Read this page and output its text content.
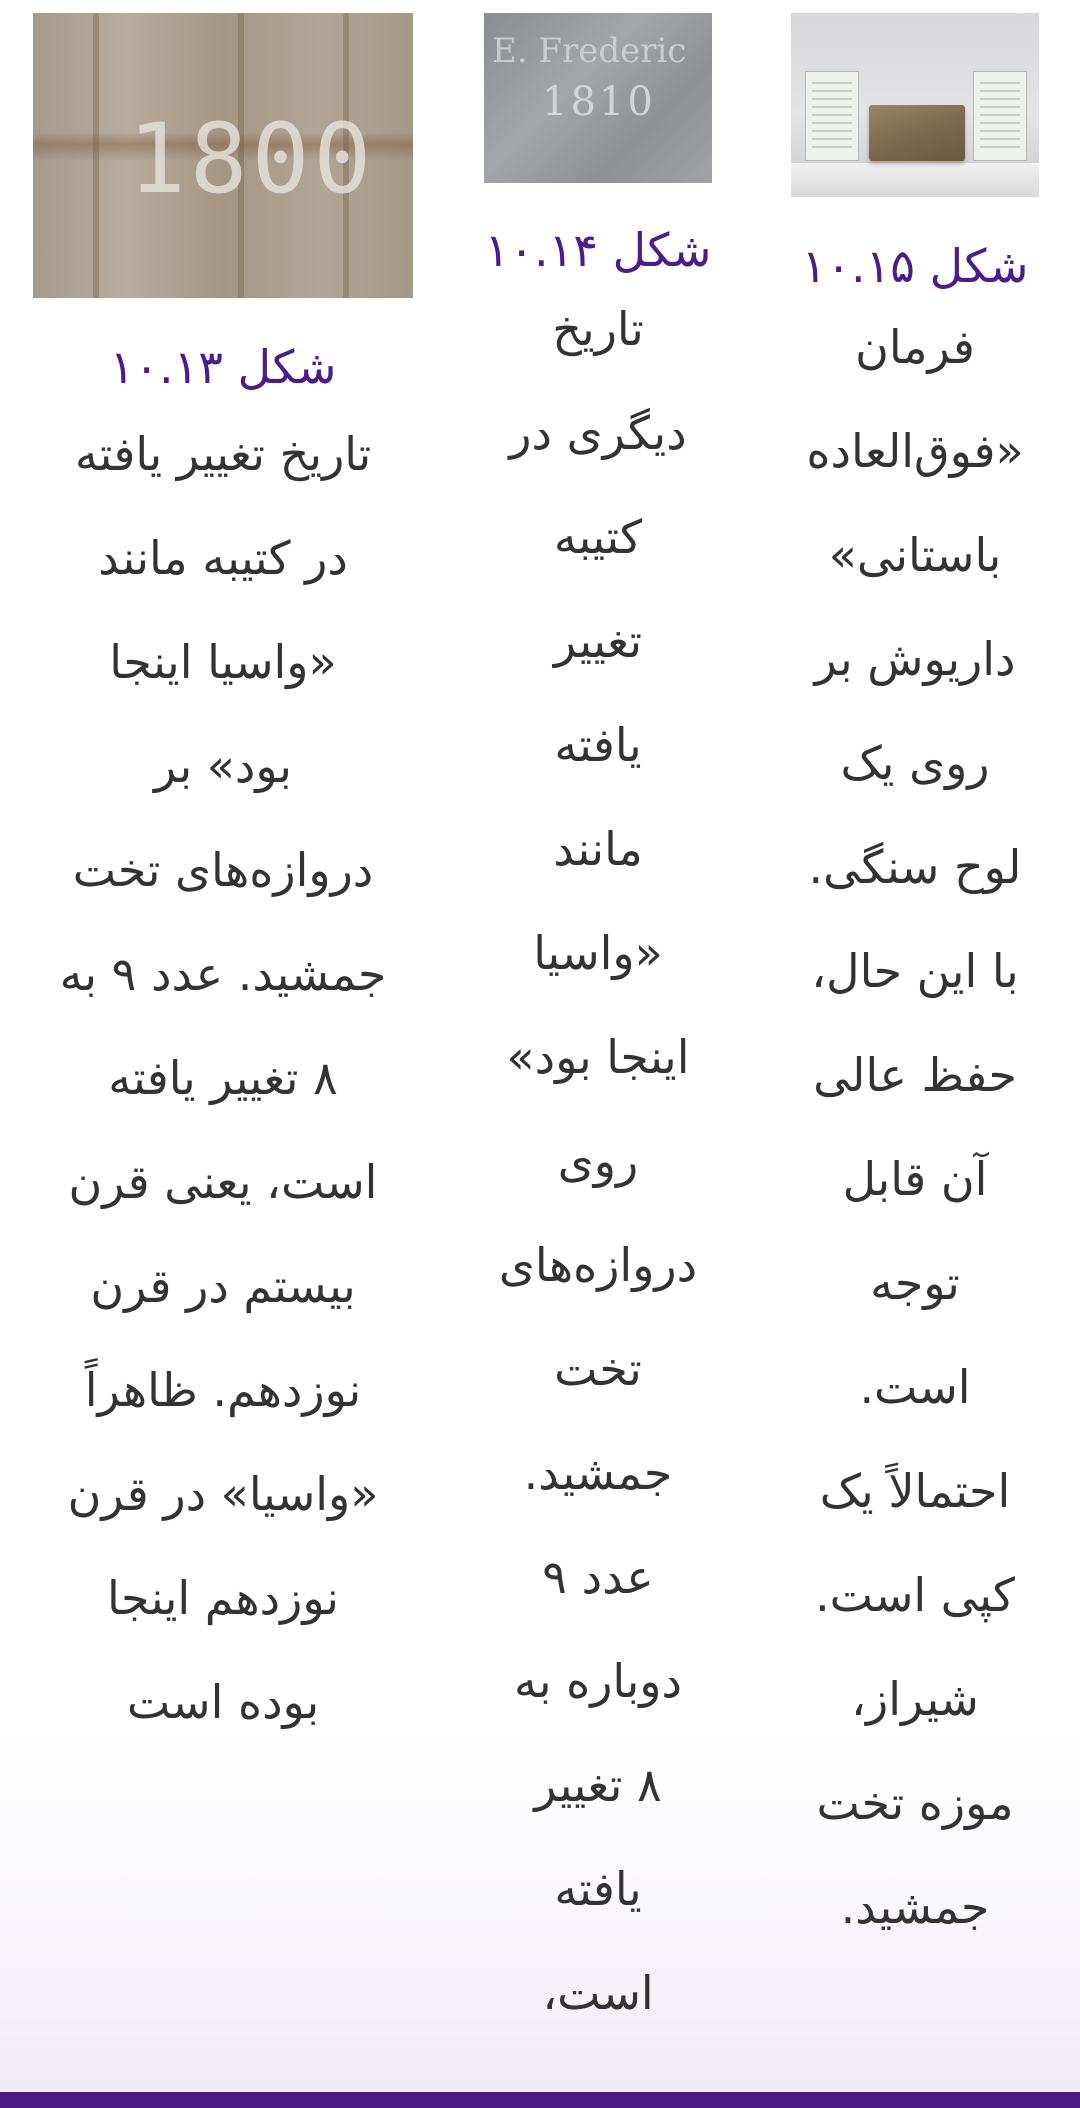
1800
شکل ۱۰.۱۳
تاریخ تغییر یافته
در کتیبه مانند
«واسیا اینجا
بود» بر
دروازه‌های تخت
جمشید. عدد ۹ به
۸ تغییر یافته
است، یعنی قرن
بیستم در قرن
نوزدهم. ظاهراً
«واسیا» در قرن
نوزدهم اینجا
بوده است
E. Frederic
1810
شکل ۱۰.۱۴
تاریخ
دیگری در
کتیبه
تغییر
یافته
مانند
«واسیا
اینجا بود»
روی
دروازه‌های
تخت
جمشید.
عدد ۹
دوباره به
۸ تغییر
یافته
است،
شکل ۱۰.۱۵
فرمان
«فوق‌العاده
باستانی»
داریوش بر
روی یک
لوح سنگی.
با این حال،
حفظ عالی
آن قابل
توجه
است.
احتمالاً یک
کپی است.
شیراز،
موزه تخت
جمشید.
